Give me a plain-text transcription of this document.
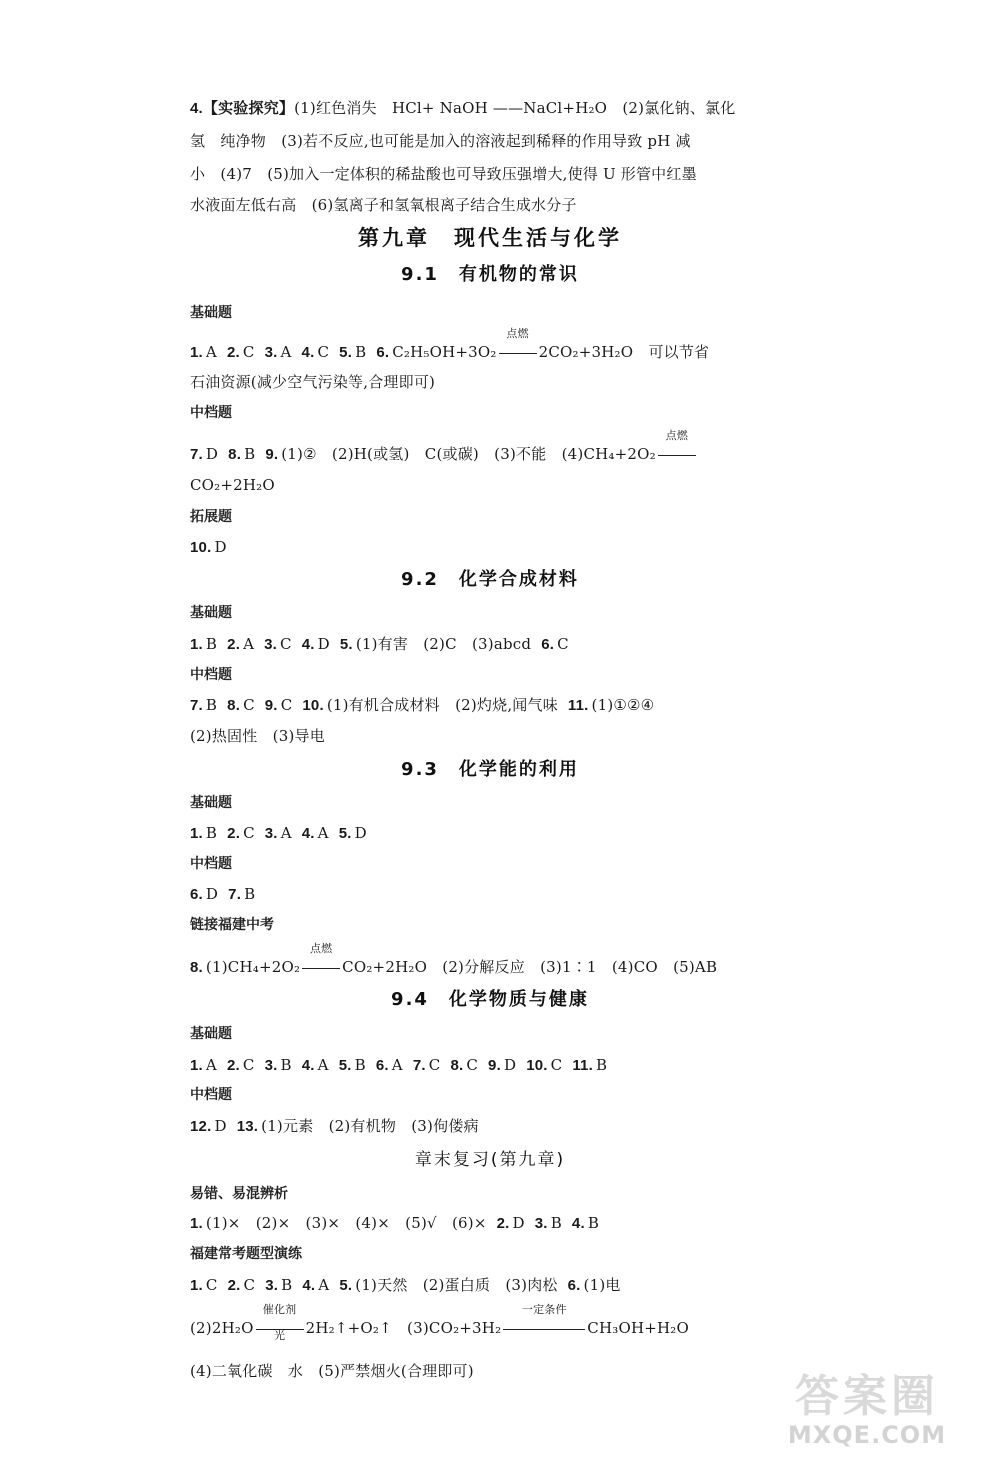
4.【实验探究】(1)红色消失　HCl+ NaOH ——NaCl+H₂O　(2)氯化钠、氯化
氢　纯净物　(3)若不反应,也可能是加入的溶液起到稀释的作用导致 pH 减
小　(4)7　(5)加入一定体积的稀盐酸也可导致压强增大,使得 U 形管中红墨
水液面左低右高　(6)氢离子和氢氧根离子结合生成水分子
第九章　现代生活与化学
9.1　有机物的常识
基础题
1. A 2. C 3. A 4. C 5. B 6. C₂H₅OH+3O₂
点燃
2CO₂+3H₂O　可以节省
石油资源(减少空气污染等,合理即可)
中档题
7. D 8. B 9. (1)②　(2)H(或氢)　C(或碳)　(3)不能　(4)CH₄+2O₂
点燃
CO₂+2H₂O
拓展题
10. D
9.2　化学合成材料
基础题
1. B 2. A 3. C 4. D 5. (1)有害　(2)C　(3)abcd 6. C
中档题
7. B 8. C 9. C 10. (1)有机合成材料　(2)灼烧,闻气味 11. (1)①②④
(2)热固性　(3)导电
9.3　化学能的利用
基础题
1. B 2. C 3. A 4. A 5. D
中档题
6. D 7. B
链接福建中考
8. (1)CH₄+2O₂
点燃
CO₂+2H₂O　(2)分解反应　(3)1∶1　(4)CO　(5)AB
9.4　化学物质与健康
基础题
1. A 2. C 3. B 4. A 5. B 6. A 7. C 8. C 9. D 10. C 11. B
中档题
12. D 13. (1)元素　(2)有机物　(3)佝偻病
章末复习(第九章)
易错、易混辨析
1. (1)×　(2)×　(3)×　(4)×　(5)√　(6)× 2. D 3. B 4. B
福建常考题型演练
1. C 2. C 3. B 4. A 5. (1)天然　(2)蛋白质　(3)肉松 6. (1)电
(2)2H₂O
催化剂
光	2H₂↑+O₂↑　(3)CO₂+3H₂
一定条件
CH₃OH+H₂O
(4)二氧化碳　水　(5)严禁烟火(合理即可)	答案圈
MXQE.COM
